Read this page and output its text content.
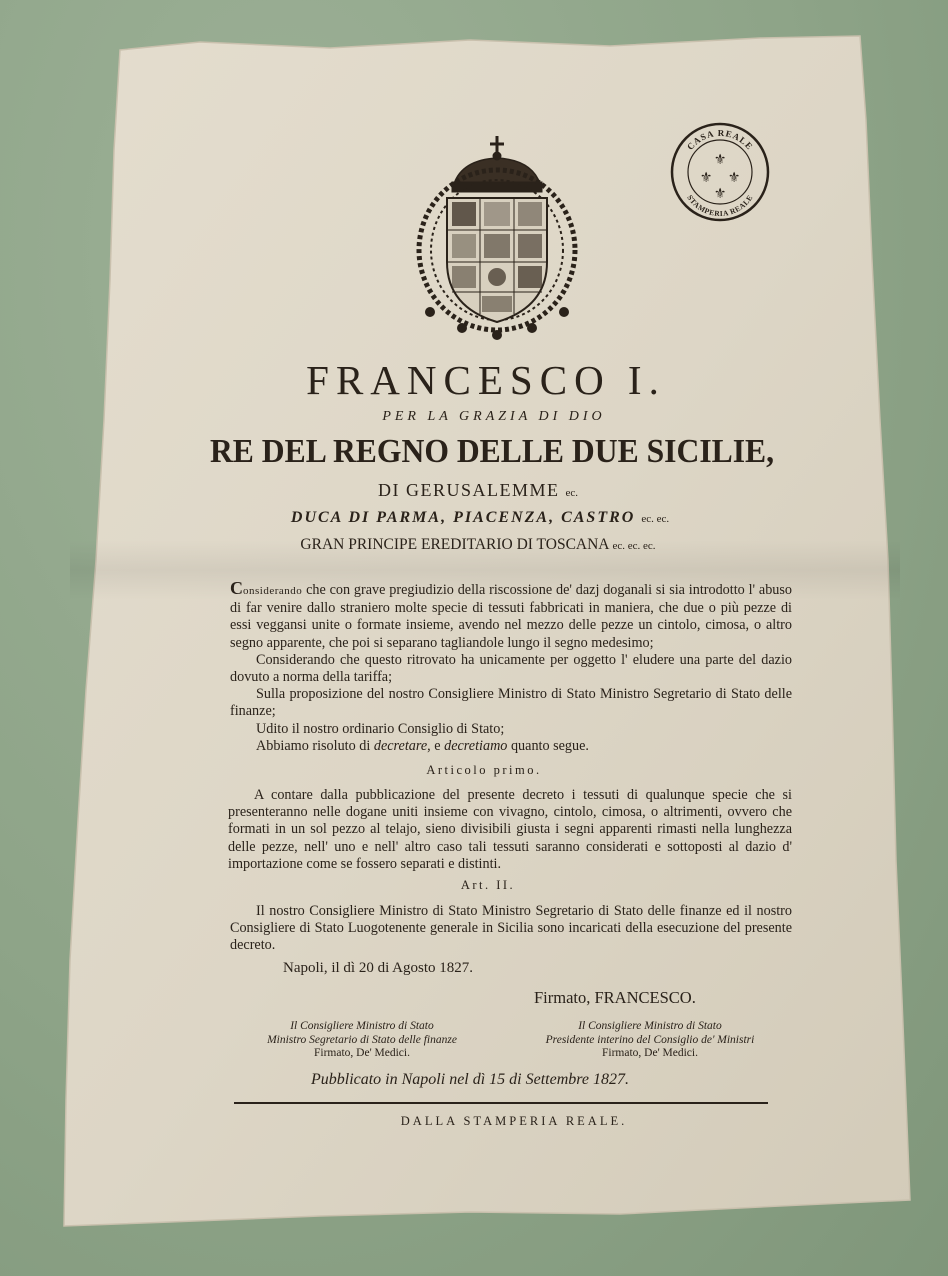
⚜
⚜ ⚜
⚜
CASA REALE
STAMPERIA REALE
FRANCESCO I.
PER LA GRAZIA DI DIO
RE DEL REGNO DELLE DUE SICILIE,
DI GERUSALEMME ec.
DUCA DI PARMA, PIACENZA, CASTRO ec. ec.
GRAN PRINCIPE EREDITARIO DI TOSCANA ec. ec. ec.

Considerando che con grave pregiudizio della riscossione de' dazj doganali si sia introdotto l' abuso di far venire dallo straniero molte specie di tessuti fabbricati in maniera, che due o più pezze di essi veggansi unite o formate insieme, avendo nel mezzo delle pezze un cintolo, cimosa, o altro segno apparente, che poi si separano tagliandole lungo il segno medesimo;

Considerando che questo ritrovato ha unicamente per oggetto l' eludere una parte del dazio dovuto a norma della tariffa;

Sulla proposizione del nostro Consigliere Ministro di Stato Ministro Segretario di Stato delle finanze;

Udito il nostro ordinario Consiglio di Stato;

Abbiamo risoluto di decretare, e decretiamo quanto segue.

Articolo primo.

A contare dalla pubblicazione del presente decreto i tessuti di qualunque specie che si presenteranno nelle dogane uniti insieme con vivagno, cintolo, cimosa, o altrimenti, ovvero che formati in un sol pezzo al telajo, sieno divisibili giusta i segni apparenti rimasti nella lunghezza delle pezze, nell' uno e nell' altro caso tali tessuti saranno considerati e sottoposti al dazio d' importazione come se fossero separati e distinti.

Art. II.

Il nostro Consigliere Ministro di Stato Ministro Segretario di Stato delle finanze ed il nostro Consigliere di Stato Luogotenente generale in Sicilia sono incaricati della esecuzione del presente decreto.

Napoli, il dì 20 di Agosto 1827.
Firmato, FRANCESCO.
Il Consigliere Ministro di Stato
Ministro Segretario di Stato delle finanze
Firmato, De' Medici.
Il Consigliere Ministro di Stato
Presidente interino del Consiglio de' Ministri
Firmato, De' Medici.
Pubblicato in Napoli nel dì 15 di Settembre 1827.
DALLA STAMPERIA REALE.
